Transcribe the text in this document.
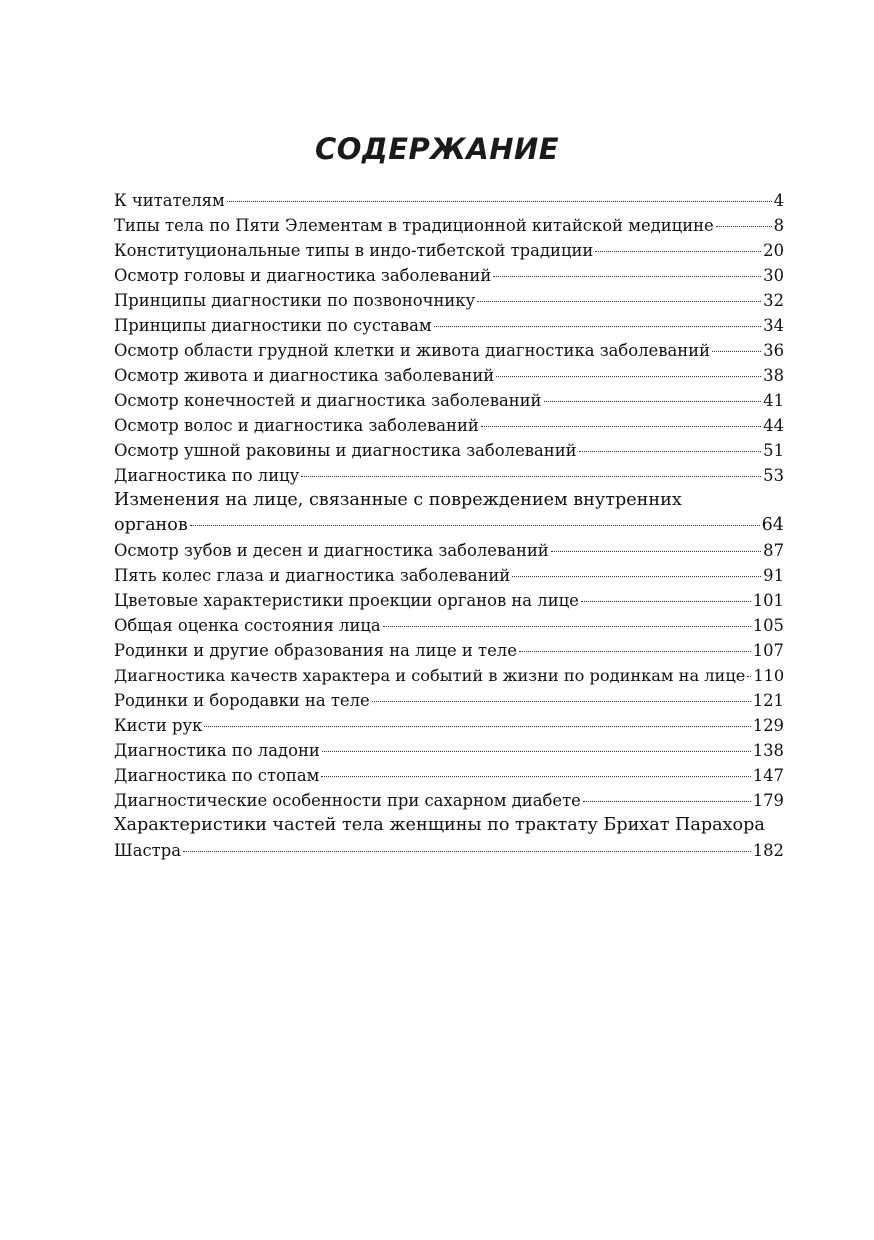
СОДЕРЖАНИЕ
К читателям	4
Типы тела по Пяти Элементам в традиционной китайской медицине	8
Конституциональные типы в индо-тибетской традиции	20
Осмотр головы и диагностика заболеваний	30
Принципы диагностики по позвоночнику	32
Принципы диагностики по суставам	34
Осмотр области грудной клетки и живота диагностика заболеваний	36
Осмотр живота и диагностика заболеваний	38
Осмотр конечностей и диагностика заболеваний	41
Осмотр волос и диагностика заболеваний	44
Осмотр ушной раковины и диагностика заболеваний	51
Диагностика по лицу	53
Изменения на лице, связанные с повреждением внутренних
органов	64
Осмотр зубов и десен и диагностика заболеваний	87
Пять колес глаза и диагностика заболеваний	91
Цветовые характеристики проекции органов на лице	101
Общая оценка состояния лица	105
Родинки и другие образования на лице и теле	107
Диагностика качеств характера и событий в жизни по родинкам на лице 110
Родинки и бородавки на теле	121
Кисти рук	129
Диагностика по ладони	138
Диагностика по стопам	147
Диагностические особенности при сахарном диабете	179
Характеристики частей тела женщины по трактату Брихат Парахора
Шастра	182
